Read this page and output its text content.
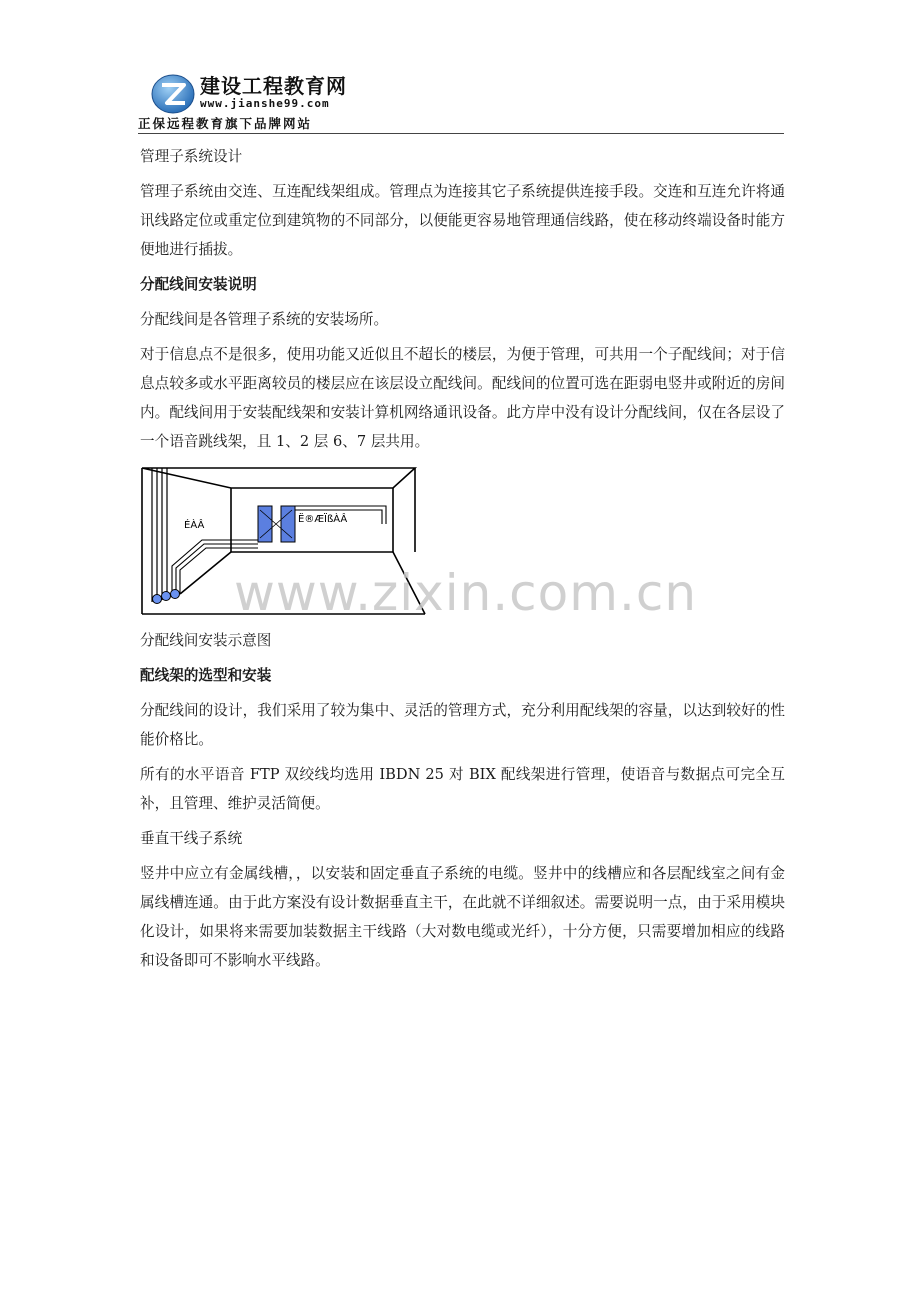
建设工程教育网
www.jianshe99.com
正保远程教育旗下品牌网站

管理子系统设计

管理子系统由交连、互连配线架组成。管理点为连接其它子系统提供连接手段。交连和互连允许将通讯线路定位或重定位到建筑物的不同部分，以便能更容易地管理通信线路，使在移动终端设备时能方便地进行插拔。

分配线间安装说明

分配线间是各管理子系统的安装场所。

对于信息点不是很多，使用功能又近似且不超长的楼层，为便于管理，可共用一个子配线间；对于信息点较多或水平距离较员的楼层应在该层设立配线间。配线间的位置可选在距弱电竖井或附近的房间内。配线间用于安装配线架和安装计算机网络通讯设备。此方岸中没有设计分配线间，仅在各层设了一个语音跳线架，且 1、2 层 6、7 层共用。

ÉÀÂ
Ë®ÆÏßÀÂ
www.zixin.com.cn

分配线间安装示意图

配线架的选型和安装

分配线间的设计，我们采用了较为集中、灵活的管理方式，充分利用配线架的容量，以达到较好的性能价格比。

所有的水平语音 FTP 双绞线均选用 IBDN 25 对 BIX 配线架进行管理，使语音与数据点可完全互补，且管理、维护灵活简便。

垂直干线子系统

竖井中应立有金属线槽，，以安装和固定垂直子系统的电缆。竖井中的线槽应和各层配线室之间有金属线槽连通。由于此方案没有设计数据垂直主干，在此就不详细叙述。需要说明一点，由于采用模块化设计，如果将来需要加装数据主干线路（大对数电缆或光纤），十分方便，只需要增加相应的线路和设备即可不影响水平线路。
